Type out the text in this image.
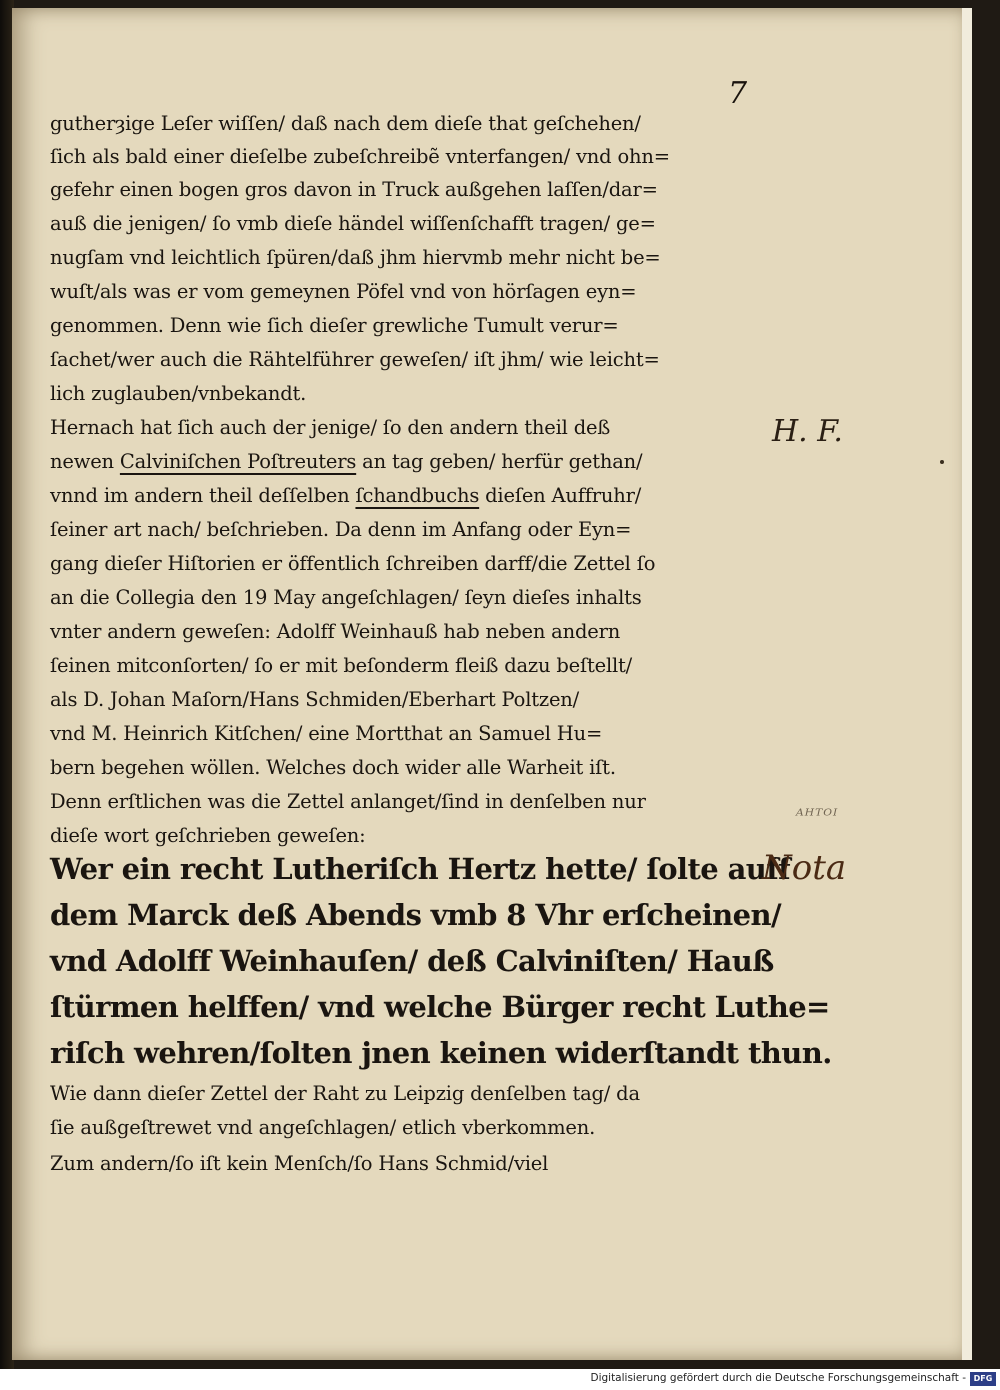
7
gutherȝige Leſer wiſſen/ daß nach dem dieſe that geſchehen/
ſich als bald einer dieſelbe zubeſchreibẽ vnterfangen/ vnd ohn=
gefehr einen bogen gros davon in Truck außgehen laſſen/dar=
auß die jenigen/ ſo vmb dieſe händel wiſſenſchafft tragen/ ge=
nugſam vnd leichtlich ſpüren/daß jhm hiervmb mehr nicht be=
wuſt/als was er vom gemeynen Pöfel vnd von hörſagen eyn=
genommen. Denn wie ſich dieſer grewliche Tumult verur=
ſachet/wer auch die Rähtelführer geweſen/ iſt jhm/ wie leicht=
lich zuglauben/vnbekandt.
Hernach hat ſich auch der jenige/ ſo den andern theil deß
newen Calviniſchen Poſtreuters an tag geben/ herfür gethan/
vnnd im andern theil deſſelben ſchandbuchs dieſen Auffruhr/
ſeiner art nach/ beſchrieben. Da denn im Anfang oder Eyn=
gang dieſer Hiſtorien er öffentlich ſchreiben darff/die Zettel ſo
an die Collegia den 19 May angeſchlagen/ ſeyn dieſes inhalts
vnter andern geweſen: Adolff Weinhauß hab neben andern
ſeinen mitconſorten/ ſo er mit beſonderm fleiß dazu beſtellt/
als D. Johan Maſorn/Hans Schmiden/Eberhart Poltzen/
vnd M. Heinrich Kitſchen/ eine Mortthat an Samuel Hu=
bern begehen wöllen. Welches doch wider alle Warheit iſt.
Denn erſtlichen was die Zettel anlanget/ſind in denſelben nur
dieſe wort geſchrieben geweſen:
Wer ein recht Lutheriſch Hertz hette/ ſolte auff
dem Marck deß Abends vmb 8 Vhr erſcheinen/
vnd Adolff Weinhauſen/ deß Calviniſten/ Hauß
ſtürmen helffen/ vnd welche Bürger recht Luthe=
riſch wehren/ſolten jnen keinen widerſtandt thun.
Wie dann dieſer Zettel der Raht zu Leipzig denſelben tag/ da
ſie außgeſtrewet vnd angeſchlagen/ etlich vberkommen.
Zum andern/ſo iſt kein Menſch/ſo Hans Schmid/viel
H. F.
ᴬᴴᵀᴼᴵ
Nota
Digitalisierung gefördert durch die Deutsche Forschungsgemeinschaft - DFG
